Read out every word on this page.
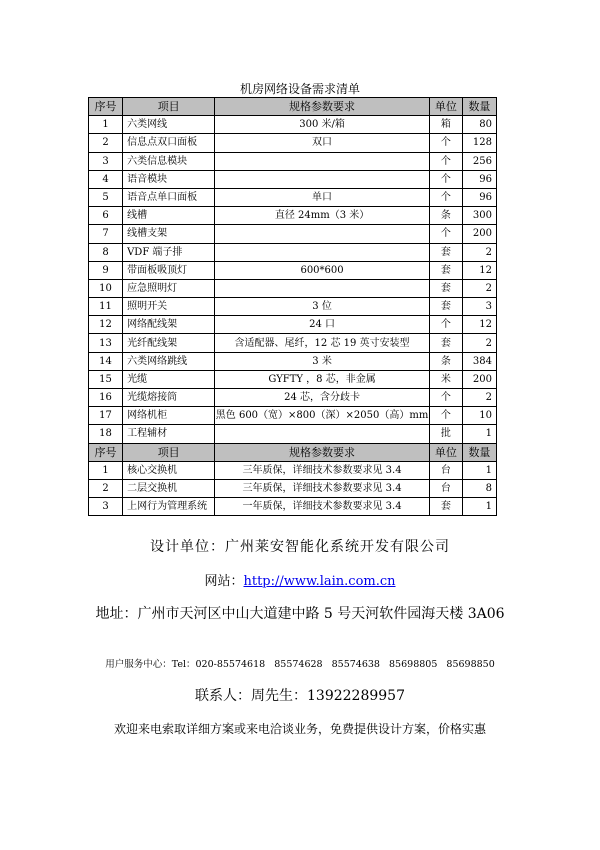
机房网络设备需求清单
序号	项目	规格参数要求	单位	数量
1	六类网线	300 米/箱	箱	80
2	信息点双口面板	双口	个	128
3	六类信息模块		个	256
4	语音模块		个	96
5	语音点单口面板	单口	个	96
6	线槽	直径 24mm（3 米）	条	300
7	线槽支架		个	200
8	VDF 端子排		套	2
9	带面板吸顶灯	600*600	套	12
10	应急照明灯		套	2
11	照明开关	3 位	套	3
12	网络配线架	24 口	个	12
13	光纤配线架	含适配器、尾纤，12 芯 19 英寸安装型	套	2
14	六类网络跳线	3 米	条	384
15	光缆	GYFTY ，8 芯，非金属	米	200
16	光缆熔接筒	24 芯，含分歧卡	个	2
17	网络机柜	黑色 600（宽）×800（深）×2050（高）mm	个	10
18	工程辅材		批	1
序号	项目	规格参数要求	单位	数量
1	核心交换机	三年质保，详细技术参数要求见 3.4	台	1
2	二层交换机	三年质保，详细技术参数要求见 3.4	台	8
3	上网行为管理系统	一年质保，详细技术参数要求见 3.4	套	1
设计单位：广州莱安智能化系统开发有限公司
网站：http://www.lain.com.cn
地址：广州市天河区中山大道建中路 5 号天河软件园海天楼 3A06
用户服务中心：Tel：020-85574618 85574628 85574638 85698805 85698850
联系人：周先生：13922289957
欢迎来电索取详细方案或来电洽谈业务，免费提供设计方案，价格实惠
